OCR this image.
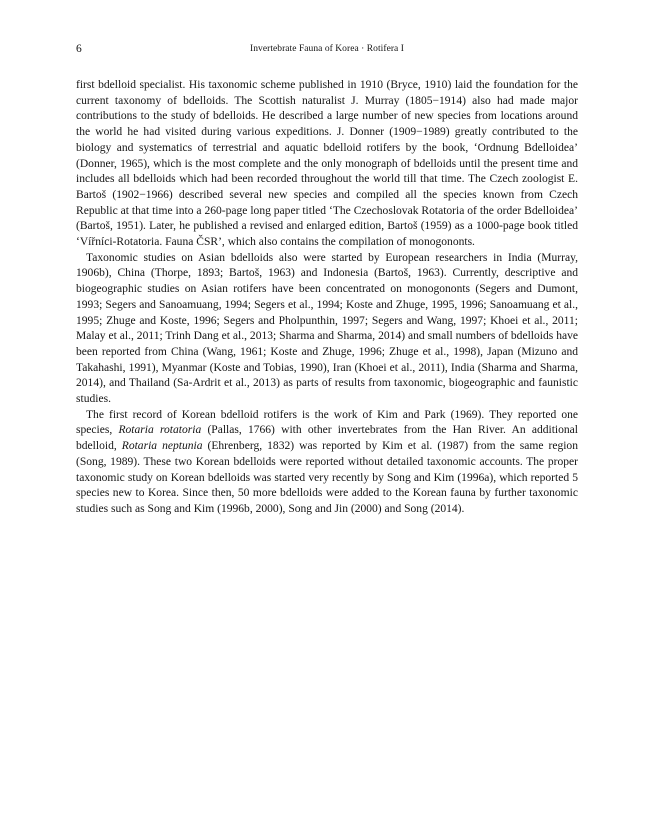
6	Invertebrate Fauna of Korea · Rotifera I

first bdelloid specialist. His taxonomic scheme published in 1910 (Bryce, 1910) laid the foundation for the current taxonomy of bdelloids. The Scottish naturalist J. Murray (1805−1914) also had made major contributions to the study of bdelloids. He described a large number of new species from locations around the world he had visited during various expeditions. J. Donner (1909−1989) greatly contributed to the biology and systematics of terrestrial and aquatic bdelloid rotifers by the book, ‘Ordnung Bdelloidea’ (Donner, 1965), which is the most complete and the only monograph of bdelloids until the present time and includes all bdelloids which had been recorded throughout the world till that time. The Czech zoologist E. Bartoš (1902−1966) described several new species and compiled all the species known from Czech Republic at that time into a 260-page long paper titled ‘The Czechoslovak Rotatoria of the order Bdelloidea’ (Bartoš, 1951). Later, he published a revised and enlarged edition, Bartoš (1959) as a 1000-page book titled ‘Vířníci-Rotatoria. Fauna ČSR’, which also contains the compilation of monogononts.

Taxonomic studies on Asian bdelloids also were started by European researchers in India (Murray, 1906b), China (Thorpe, 1893; Bartoš, 1963) and Indonesia (Bartoš, 1963). Currently, descriptive and biogeographic studies on Asian rotifers have been concentrated on monogononts (Segers and Dumont, 1993; Segers and Sanoamuang, 1994; Segers et al., 1994; Koste and Zhuge, 1995, 1996; Sanoamuang et al., 1995; Zhuge and Koste, 1996; Segers and Pholpunthin, 1997; Segers and Wang, 1997; Khoei et al., 2011; Malay et al., 2011; Trinh Dang et al., 2013; Sharma and Sharma, 2014) and small numbers of bdelloids have been reported from China (Wang, 1961; Koste and Zhuge, 1996; Zhuge et al., 1998), Japan (Mizuno and Takahashi, 1991), Myanmar (Koste and Tobias, 1990), Iran (Khoei et al., 2011), India (Sharma and Sharma, 2014), and Thailand (Sa-Ardrit et al., 2013) as parts of results from taxonomic, biogeographic and faunistic studies.

The first record of Korean bdelloid rotifers is the work of Kim and Park (1969). They reported one species, Rotaria rotatoria (Pallas, 1766) with other invertebrates from the Han River. An additional bdelloid, Rotaria neptunia (Ehrenberg, 1832) was reported by Kim et al. (1987) from the same region (Song, 1989). These two Korean bdelloids were reported without detailed taxonomic accounts. The proper taxonomic study on Korean bdelloids was started very recently by Song and Kim (1996a), which reported 5 species new to Korea. Since then, 50 more bdelloids were added to the Korean fauna by further taxonomic studies such as Song and Kim (1996b, 2000), Song and Jin (2000) and Song (2014).
